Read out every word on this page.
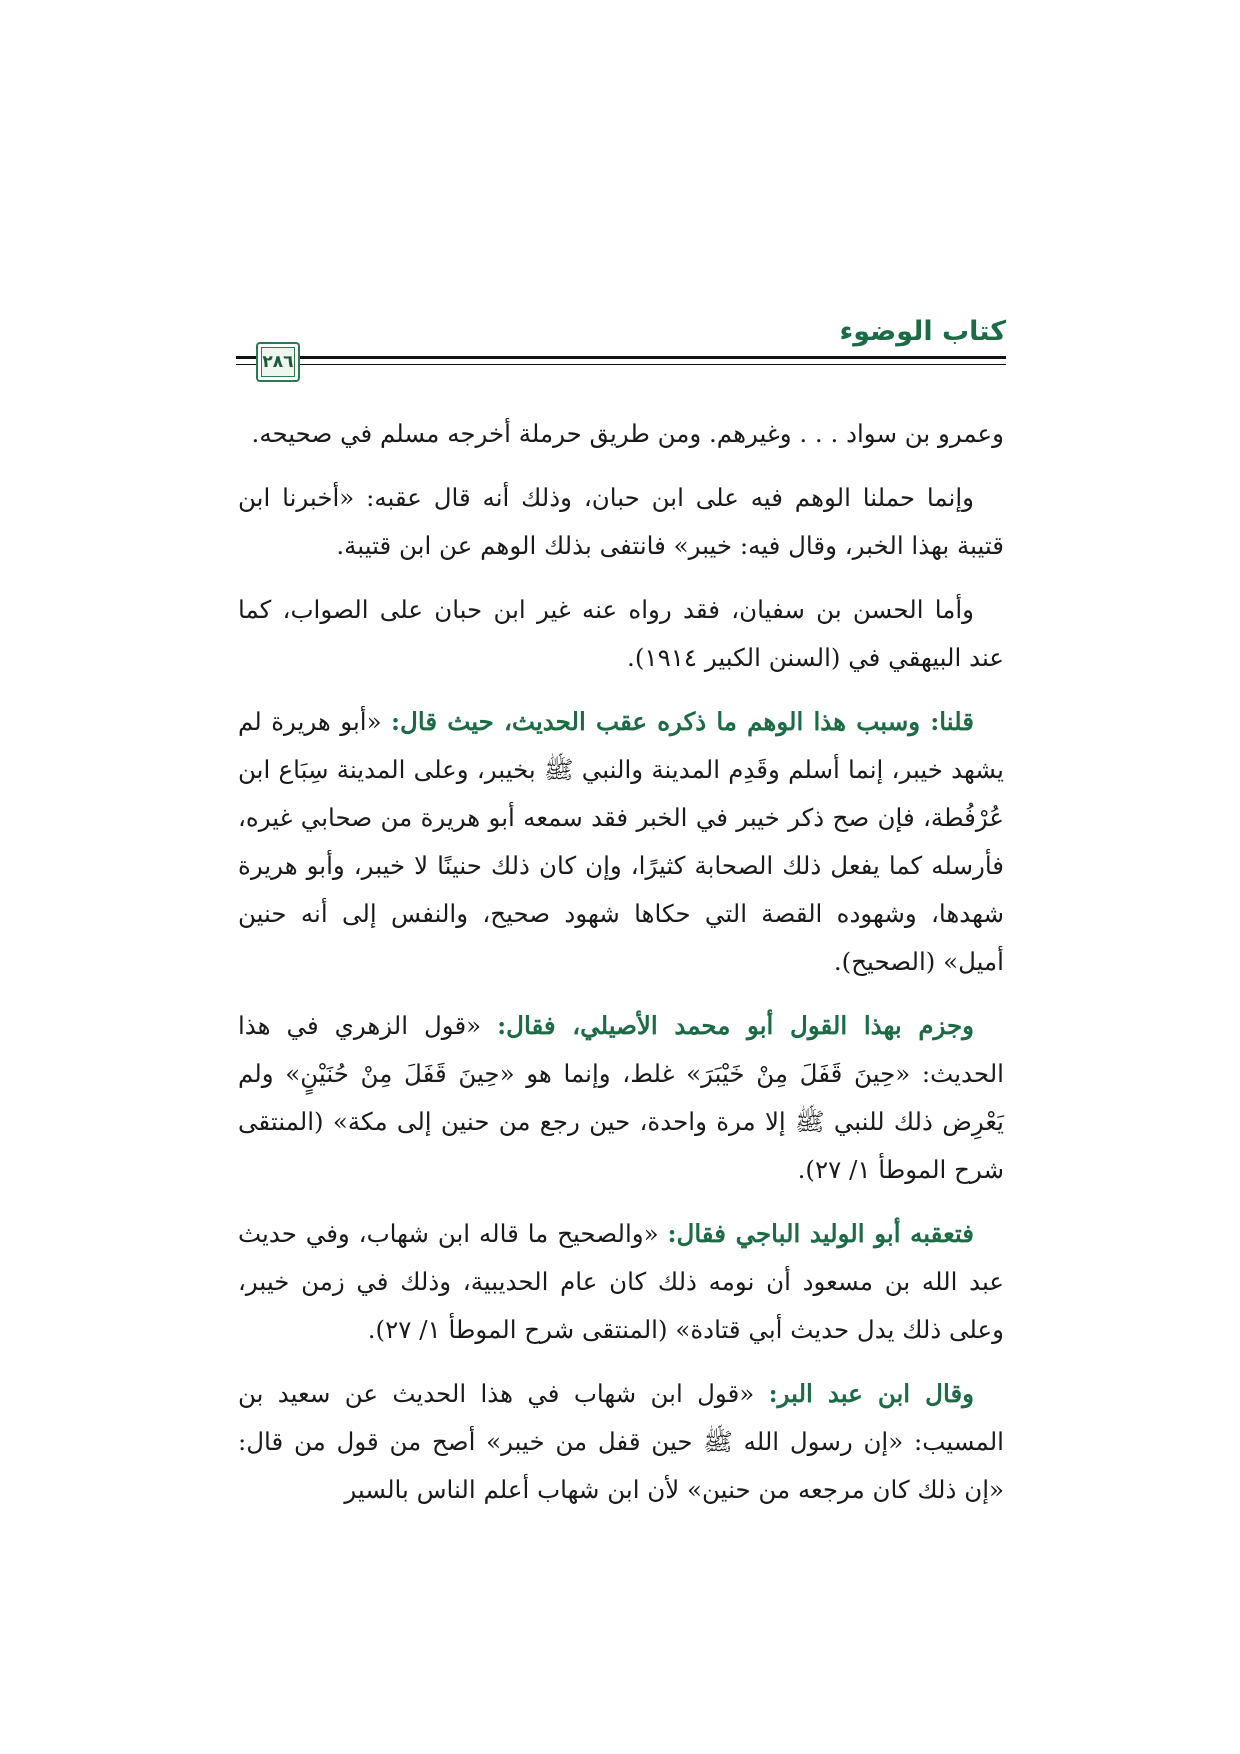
كتاب الوضوء
٢٨٦

وعمرو بن سواد . . . وغيرهم. ومن طريق حرملة أخرجه مسلم في صحيحه.

وإنما حملنا الوهم فيه على ابن حبان، وذلك أنه قال عقبه: «أخبرنا ابن قتيبة بهذا الخبر، وقال فيه: خيبر» فانتفى بذلك الوهم عن ابن قتيبة.

وأما الحسن بن سفيان، فقد رواه عنه غير ابن حبان على الصواب، كما عند البيهقي في (السنن الكبير ١٩١٤).

قلنا: وسبب هذا الوهم ما ذكره عقب الحديث، حيث قال: «أبو هريرة لم يشهد خيبر، إنما أسلم وقَدِم المدينة والنبي ﷺ بخيبر، وعلى المدينة سِبَاع ابن عُرْفُطة، فإن صح ذكر خيبر في الخبر فقد سمعه أبو هريرة من صحابي غيره، فأرسله كما يفعل ذلك الصحابة كثيرًا، وإن كان ذلك حنينًا لا خيبر، وأبو هريرة شهدها، وشهوده القصة التي حكاها شهود صحيح، والنفس إلى أنه حنين أميل» (الصحيح).

وجزم بهذا القول أبو محمد الأصيلي، فقال: «قول الزهري في هذا الحديث: «حِينَ قَفَلَ مِنْ خَيْبَرَ» غلط، وإنما هو «حِينَ قَفَلَ مِنْ حُنَيْنٍ» ولم يَعْرِض ذلك للنبي ﷺ إلا مرة واحدة، حين رجع من حنين إلى مكة» (المنتقى شرح الموطأ ١/ ٢٧).

فتعقبه أبو الوليد الباجي فقال: «والصحيح ما قاله ابن شهاب، وفي حديث عبد الله بن مسعود أن نومه ذلك كان عام الحديبية، وذلك في زمن خيبر، وعلى ذلك يدل حديث أبي قتادة» (المنتقى شرح الموطأ ١/ ٢٧).

وقال ابن عبد البر: «قول ابن شهاب في هذا الحديث عن سعيد بن المسيب: «إن رسول الله ﷺ حين قفل من خيبر» أصح من قول من قال: «إن ذلك كان مرجعه من حنين» لأن ابن شهاب أعلم الناس بالسير
